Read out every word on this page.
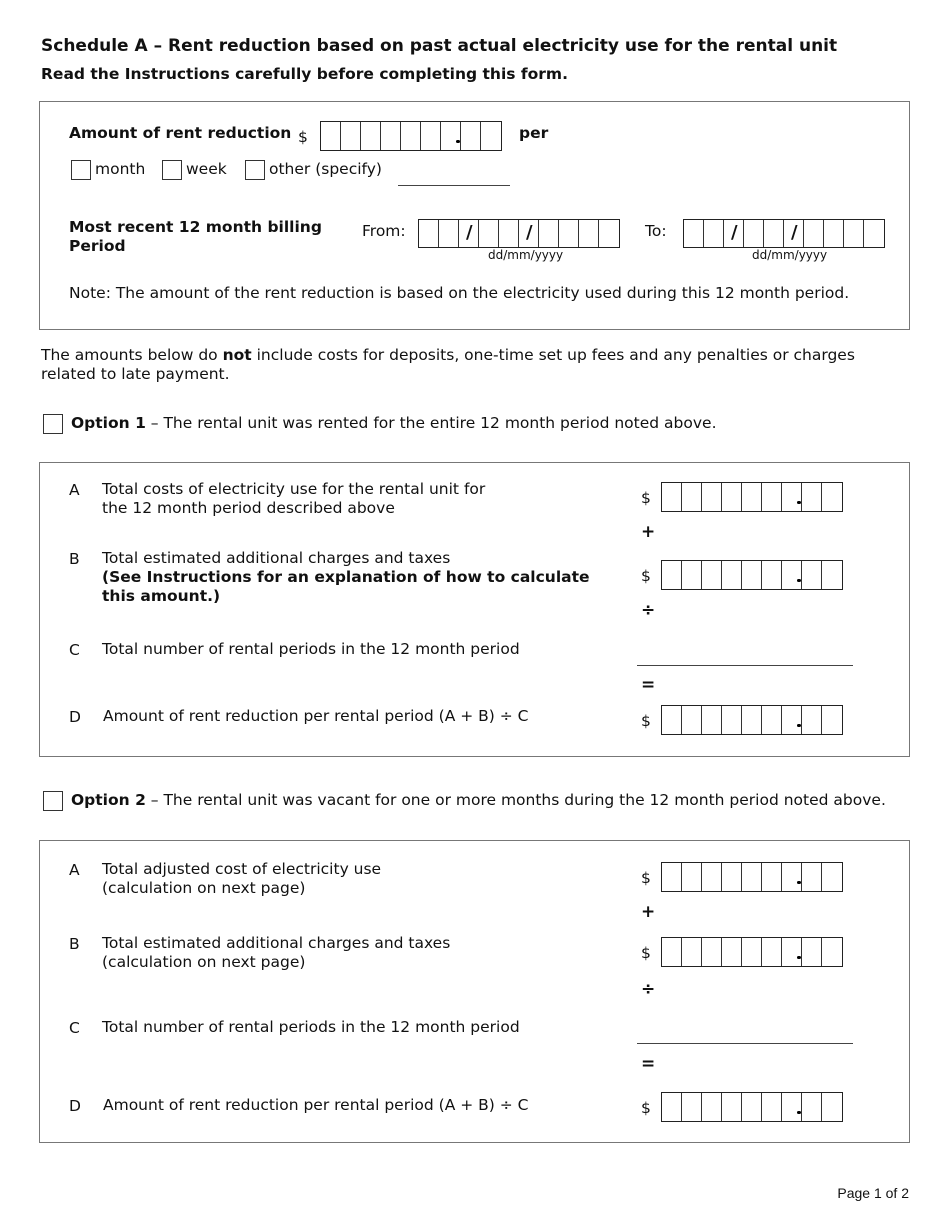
Schedule A – Rent reduction based on past actual electricity use for the rental unit
Read the Instructions carefully before completing this form.
Amount of rent reduction $	per
month	week	other (specify)
Most recent 12 month billing
Period
From:
/
/
dd/mm/yyyy
To:
/
/
dd/mm/yyyy
Note: The amount of the rent reduction is based on the electricity used during this 12 month period.
The amounts below do not include costs for deposits, one-time set up fees and any penalties or charges related to late payment.
Option 1 – The rental unit was rented for the entire 12 month period noted above.
A Total costs of electricity use for the rental unit for
the 12 month period described above
$
+
B Total estimated additional charges and taxes
(See Instructions for an explanation of how to calculate
this amount.)
$
÷
C Total number of rental periods in the 12 month period
=
D Amount of rent reduction per rental period (A + B) ÷ C	$
Option 2 – The rental unit was vacant for one or more months during the 12 month period noted above.
A Total adjusted cost of electricity use
(calculation on next page)
$
+
B Total estimated additional charges and taxes
(calculation on next page)	$
÷
C Total number of rental periods in the 12 month period
=
D Amount of rent reduction per rental period (A + B) ÷ C	$
Page 1 of 2
